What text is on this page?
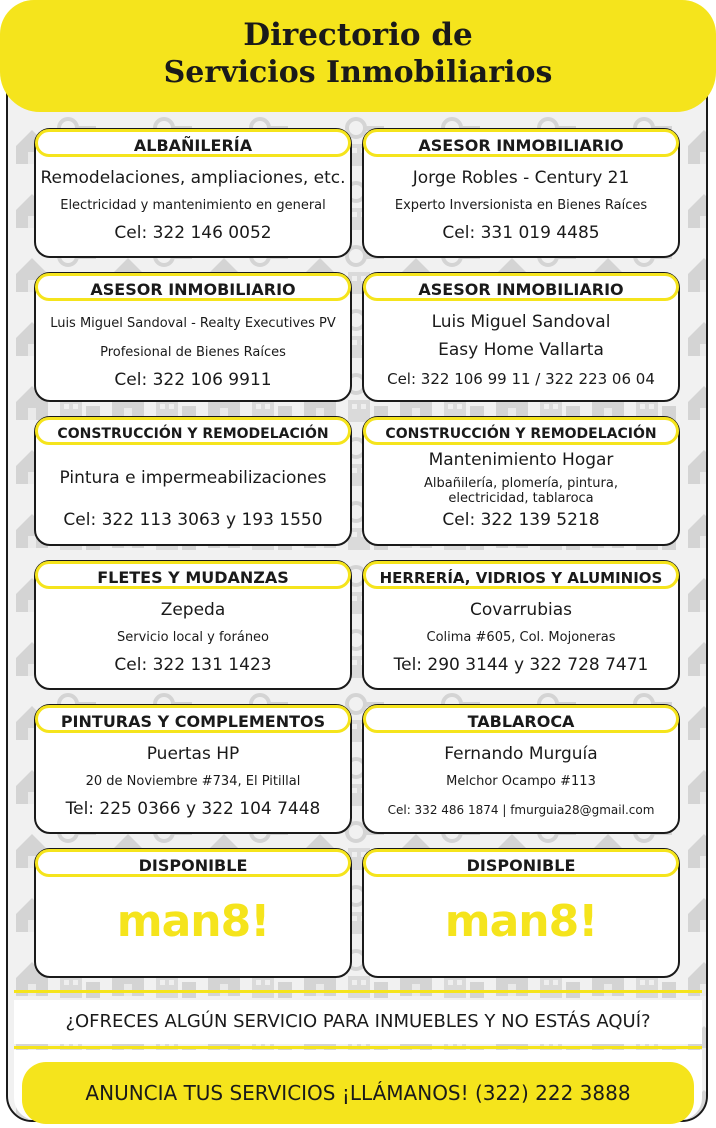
Directorio de
Servicios Inmobiliarios
ALBAÑILERÍA
Remodelaciones, ampliaciones, etc.
Electricidad y mantenimiento en general
Cel: 322 146 0052
ASESOR INMOBILIARIO
Jorge Robles - Century 21
Experto Inversionista en Bienes Raíces
Cel: 331 019 4485
ASESOR INMOBILIARIO
Luis Miguel Sandoval - Realty Executives PV
Profesional de Bienes Raíces
Cel: 322 106 9911
ASESOR INMOBILIARIO
Luis Miguel Sandoval
Easy Home Vallarta
Cel: 322 106 99 11 / 322 223 06 04
CONSTRUCCIÓN Y REMODELACIÓN
Pintura e impermeabilizaciones
Cel: 322 113 3063 y 193 1550
CONSTRUCCIÓN Y REMODELACIÓN
Mantenimiento Hogar
Albañilería, plomería, pintura,
electricidad, tablaroca
Cel: 322 139 5218
FLETES Y MUDANZAS
Zepeda
Servicio local y foráneo
Cel: 322 131 1423
HERRERÍA, VIDRIOS Y ALUMINIOS
Covarrubias
Colima #605, Col. Mojoneras
Tel: 290 3144 y 322 728 7471
PINTURAS Y COMPLEMENTOS
Puertas HP
20 de Noviembre #734, El Pitillal
Tel: 225 0366 y 322 104 7448
TABLAROCA
Fernando Murguía
Melchor Ocampo #113
Cel: 332 486 1874 | fmurguia28@gmail.com
DISPONIBLE
man8!
DISPONIBLE
man8!
¿OFRECES ALGÚN SERVICIO PARA INMUEBLES Y NO ESTÁS AQUÍ?
ANUNCIA TUS SERVICIOS ¡LLÁMANOS! (322) 222 3888
